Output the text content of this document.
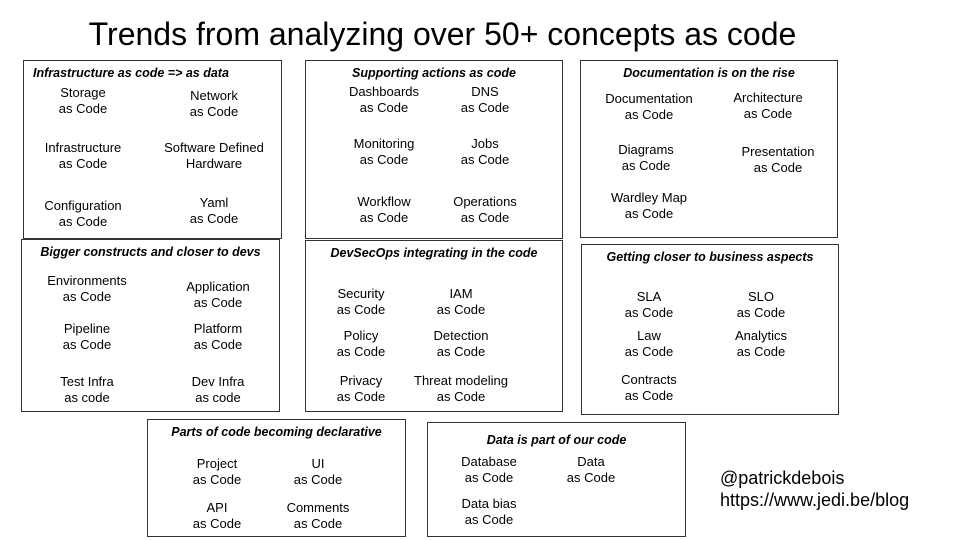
Trends from analyzing over 50+ concepts as code
Infrastructure as code => as data
Storage
as Code
Network
as Code
Infrastructure
as Code
Software Defined
Hardware
Configuration
as Code
Yaml
as Code
Supporting actions as code
Dashboards
as Code
DNS
as Code
Monitoring
as Code
Jobs
as Code
Workflow
as Code
Operations
as Code
Documentation is on the rise
Documentation
as Code
Architecture
as Code
Diagrams
as Code
Presentation
as Code
Wardley Map
as Code
Bigger constructs and closer to devs
Environments
as Code
Application
as Code
Pipeline
as Code
Platform
as Code
Test Infra
as code
Dev Infra
as code
DevSecOps integrating in the code
Security
as Code
IAM
as Code
Policy
as Code
Detection
as Code
Privacy
as Code
Threat modeling
as Code
Getting closer to business aspects
SLA
as Code
SLO
as Code
Law
as Code
Analytics
as Code
Contracts
as Code
Parts of code becoming declarative
Project
as Code
UI
as Code
API
as Code
Comments
as Code
Data is part of our code
Database
as Code
Data
as Code
Data bias
as Code
@patrickdebois
https://www.jedi.be/blog
